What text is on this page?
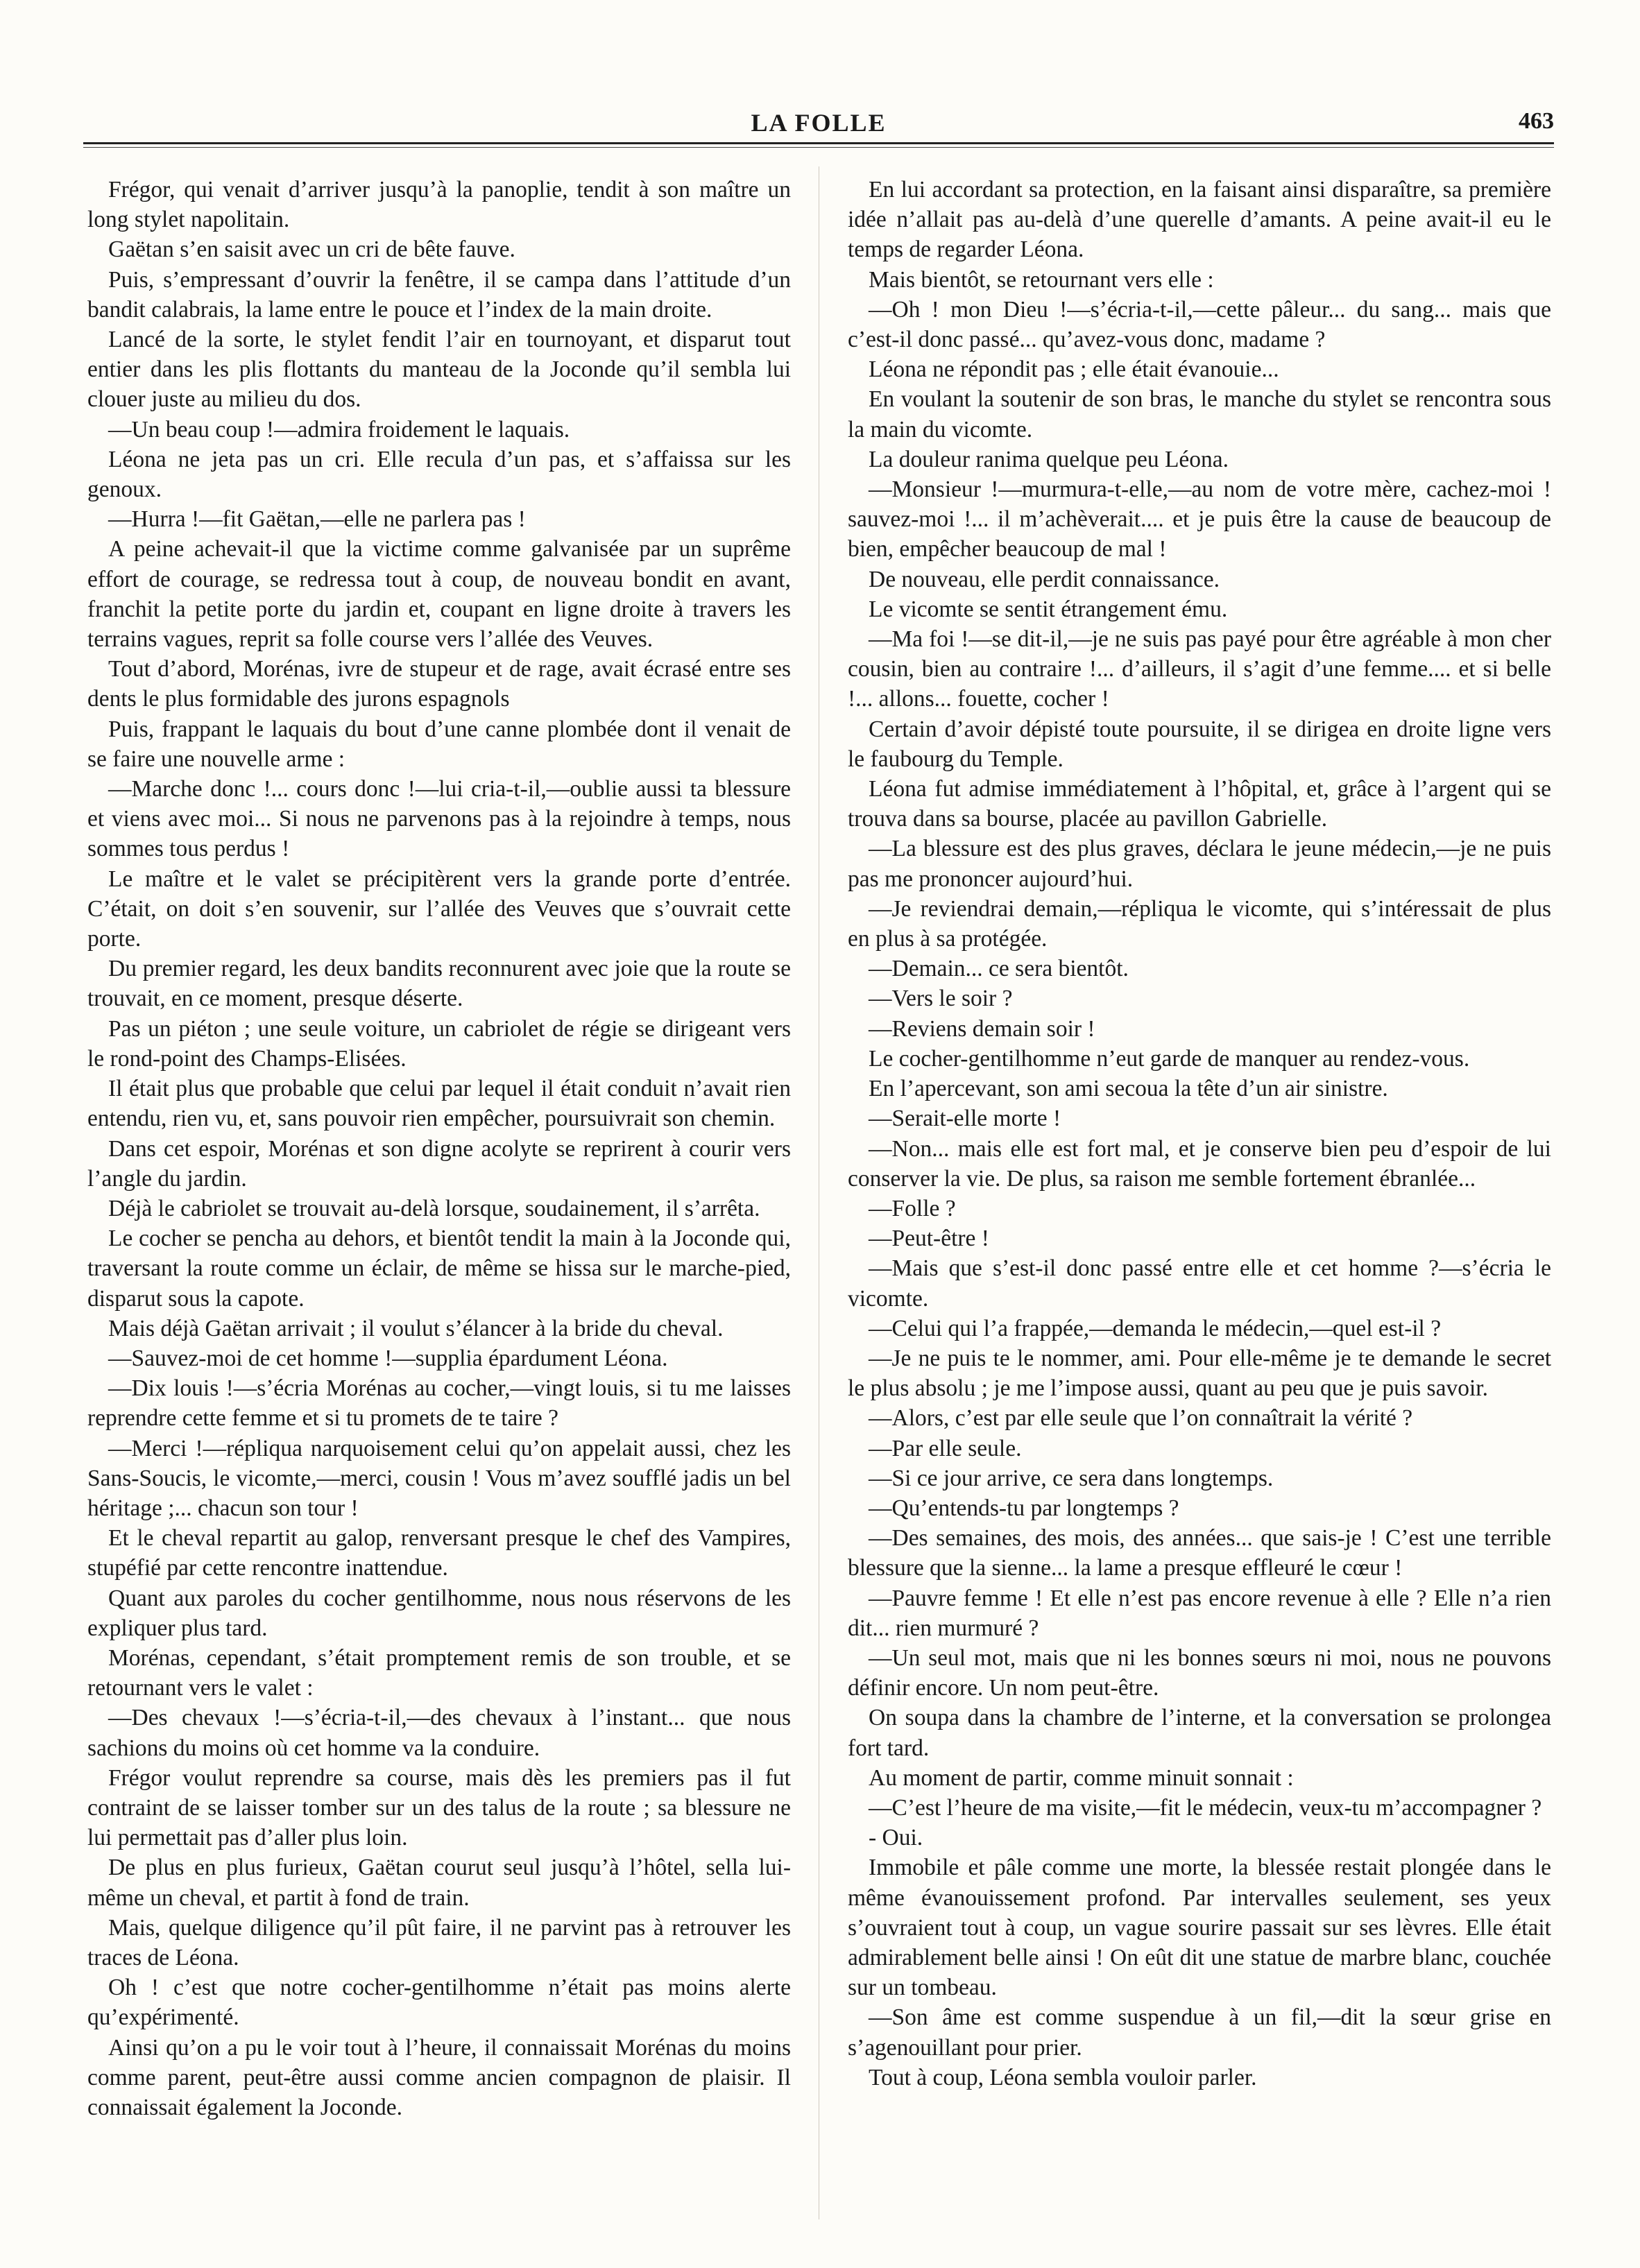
LA FOLLE	463

Frégor, qui venait d’arriver jusqu’à la panoplie, tendit à son maître un long stylet napolitain.

Gaëtan s’en saisit avec un cri de bête fauve.

Puis, s’empressant d’ouvrir la fenêtre, il se campa dans l’attitude d’un bandit calabrais, la lame entre le pouce et l’index de la main droite.

Lancé de la sorte, le stylet fendit l’air en tournoyant, et disparut tout entier dans les plis flottants du manteau de la Joconde qu’il sembla lui clouer juste au milieu du dos.

—Un beau coup !—admira froidement le laquais.

Léona ne jeta pas un cri. Elle recula d’un pas, et s’affaissa sur les genoux.

—Hurra !—fit Gaëtan,—elle ne parlera pas !

A peine achevait-il que la victime comme galvanisée par un suprême effort de courage, se redressa tout à coup, de nouveau bondit en avant, franchit la petite porte du jardin et, coupant en ligne droite à travers les terrains vagues, reprit sa folle course vers l’allée des Veuves.

Tout d’abord, Morénas, ivre de stupeur et de rage, avait écrasé entre ses dents le plus formidable des jurons espagnols

Puis, frappant le laquais du bout d’une canne plombée dont il venait de se faire une nouvelle arme :

—Marche donc !... cours donc !—lui cria-t-il,—oublie aussi ta blessure et viens avec moi... Si nous ne parvenons pas à la rejoindre à temps, nous sommes tous perdus !

Le maître et le valet se précipitèrent vers la grande porte d’entrée. C’était, on doit s’en souvenir, sur l’allée des Veuves que s’ouvrait cette porte.

Du premier regard, les deux bandits reconnurent avec joie que la route se trouvait, en ce moment, presque déserte.

Pas un piéton ; une seule voiture, un cabriolet de régie se dirigeant vers le rond-point des Champs-Elisées.

Il était plus que probable que celui par lequel il était conduit n’avait rien entendu, rien vu, et, sans pouvoir rien empêcher, poursuivrait son chemin.

Dans cet espoir, Morénas et son digne acolyte se reprirent à courir vers l’angle du jardin.

Déjà le cabriolet se trouvait au-delà lorsque, soudainement, il s’arrêta.

Le cocher se pencha au dehors, et bientôt tendit la main à la Joconde qui, traversant la route comme un éclair, de même se hissa sur le marche-pied, disparut sous la capote.

Mais déjà Gaëtan arrivait ; il voulut s’élancer à la bride du cheval.

—Sauvez-moi de cet homme !—supplia épardument Léona.

—Dix louis !—s’écria Morénas au cocher,—vingt louis, si tu me laisses reprendre cette femme et si tu promets de te taire ?

—Merci !—répliqua narquoisement celui qu’on appelait aussi, chez les Sans-Soucis, le vicomte,—merci, cousin ! Vous m’avez soufflé jadis un bel héritage ;... chacun son tour !

Et le cheval repartit au galop, renversant presque le chef des Vampires, stupéfié par cette rencontre inattendue.

Quant aux paroles du cocher gentilhomme, nous nous réservons de les expliquer plus tard.

Morénas, cependant, s’était promptement remis de son trouble, et se retournant vers le valet :

—Des chevaux !—s’écria-t-il,—des chevaux à l’instant... que nous sachions du moins où cet homme va la conduire.

Frégor voulut reprendre sa course, mais dès les premiers pas il fut contraint de se laisser tomber sur un des talus de la route ; sa blessure ne lui permettait pas d’aller plus loin.

De plus en plus furieux, Gaëtan courut seul jusqu’à l’hôtel, sella lui-même un cheval, et partit à fond de train.

Mais, quelque diligence qu’il pût faire, il ne parvint pas à retrouver les traces de Léona.

Oh ! c’est que notre cocher-gentilhomme n’était pas moins alerte qu’expérimenté.

Ainsi qu’on a pu le voir tout à l’heure, il connaissait Morénas du moins comme parent, peut-être aussi comme ancien compagnon de plaisir. Il connaissait également la Joconde.

En lui accordant sa protection, en la faisant ainsi disparaître, sa première idée n’allait pas au-delà d’une querelle d’amants. A peine avait-il eu le temps de regarder Léona.

Mais bientôt, se retournant vers elle :

—Oh ! mon Dieu !—s’écria-t-il,—cette pâleur... du sang... mais que c’est-il donc passé... qu’avez-vous donc, madame ?

Léona ne répondit pas ; elle était évanouie...

En voulant la soutenir de son bras, le manche du stylet se rencontra sous la main du vicomte.

La douleur ranima quelque peu Léona.

—Monsieur !—murmura-t-elle,—au nom de votre mère, cachez-moi ! sauvez-moi !... il m’achèverait.... et je puis être la cause de beaucoup de bien, empêcher beaucoup de mal !

De nouveau, elle perdit connaissance.

Le vicomte se sentit étrangement ému.

—Ma foi !—se dit-il,—je ne suis pas payé pour être agréable à mon cher cousin, bien au contraire !... d’ailleurs, il s’agit d’une femme.... et si belle !... allons... fouette, cocher !

Certain d’avoir dépisté toute poursuite, il se dirigea en droite ligne vers le faubourg du Temple.

Léona fut admise immédiatement à l’hôpital, et, grâce à l’argent qui se trouva dans sa bourse, placée au pavillon Gabrielle.

—La blessure est des plus graves, déclara le jeune médecin,—je ne puis pas me prononcer aujourd’hui.

—Je reviendrai demain,—répliqua le vicomte, qui s’intéressait de plus en plus à sa protégée.

—Demain... ce sera bientôt.

—Vers le soir ?

—Reviens demain soir !

Le cocher-gentilhomme n’eut garde de manquer au rendez-vous.

En l’apercevant, son ami secoua la tête d’un air sinistre.

—Serait-elle morte !

—Non... mais elle est fort mal, et je conserve bien peu d’espoir de lui conserver la vie. De plus, sa raison me semble fortement ébranlée...

—Folle ?

—Peut-être !

—Mais que s’est-il donc passé entre elle et cet homme ?—s’écria le vicomte.

—Celui qui l’a frappée,—demanda le médecin,—quel est-il ?

—Je ne puis te le nommer, ami. Pour elle-même je te demande le secret le plus absolu ; je me l’impose aussi, quant au peu que je puis savoir.

—Alors, c’est par elle seule que l’on connaîtrait la vérité ?

—Par elle seule.

—Si ce jour arrive, ce sera dans longtemps.

—Qu’entends-tu par longtemps ?

—Des semaines, des mois, des années... que sais-je ! C’est une terrible blessure que la sienne... la lame a presque effleuré le cœur !

—Pauvre femme ! Et elle n’est pas encore revenue à elle ? Elle n’a rien dit... rien murmuré ?

—Un seul mot, mais que ni les bonnes sœurs ni moi, nous ne pouvons définir encore. Un nom peut-être.

On soupa dans la chambre de l’interne, et la conversation se prolongea fort tard.

Au moment de partir, comme minuit sonnait :

—C’est l’heure de ma visite,—fit le médecin, veux-tu m’accompagner ?

- Oui.

Immobile et pâle comme une morte, la blessée restait plongée dans le même évanouissement profond. Par intervalles seulement, ses yeux s’ouvraient tout à coup, un vague sourire passait sur ses lèvres. Elle était admirablement belle ainsi ! On eût dit une statue de marbre blanc, couchée sur un tombeau.

—Son âme est comme suspendue à un fil,—dit la sœur grise en s’agenouillant pour prier.

Tout à coup, Léona sembla vouloir parler.
